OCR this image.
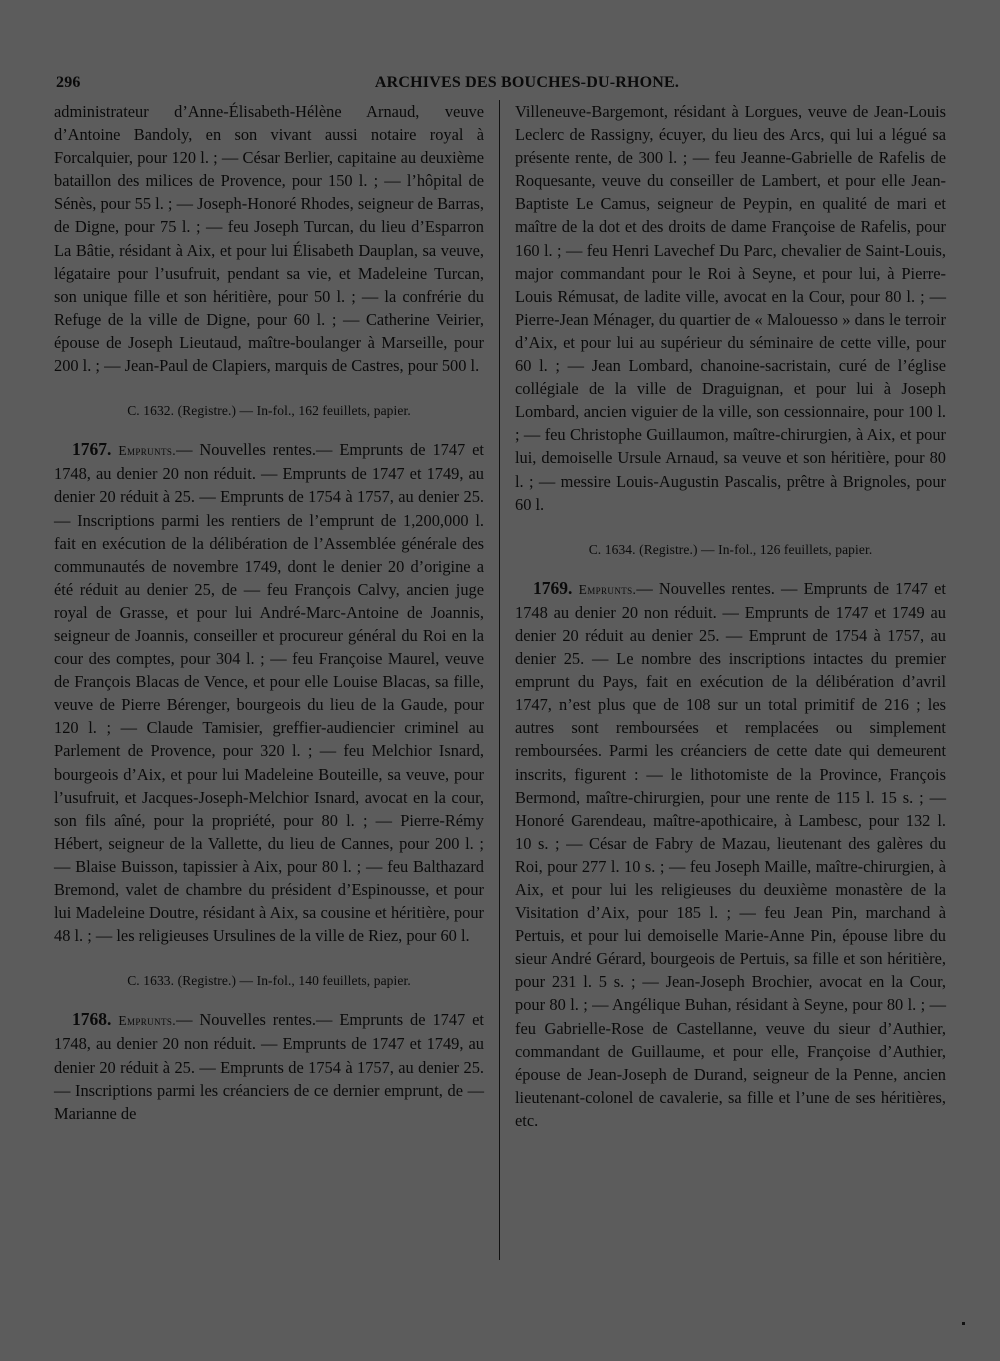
296	ARCHIVES DES BOUCHES-DU-RHONE.

administrateur d’Anne-Élisabeth-Hélène Arnaud, veuve d’Antoine Bandoly, en son vivant aussi notaire royal à Forcalquier, pour 120 l. ; — César Berlier, capitaine au deuxième bataillon des milices de Provence, pour 150 l. ; — l’hôpital de Sénès, pour 55 l. ; — Joseph-Honoré Rhodes, seigneur de Barras, de Digne, pour 75 l. ; — feu Joseph Turcan, du lieu d’Esparron La Bâtie, résidant à Aix, et pour lui Élisabeth Dauplan, sa veuve, légataire pour l’usufruit, pendant sa vie, et Madeleine Turcan, son unique fille et son héritière, pour 50 l. ; — la confrérie du Refuge de la ville de Digne, pour 60 l. ; — Catherine Veirier, épouse de Joseph Lieutaud, maître-boulanger à Marseille, pour 200 l. ; — Jean-Paul de Clapiers, marquis de Castres, pour 500 l.

C. 1632. (Registre.) — In-fol., 162 feuillets, papier.

1767. Emprunts.— Nouvelles rentes.— Emprunts de 1747 et 1748, au denier 20 non réduit. — Emprunts de 1747 et 1749, au denier 20 réduit à 25. — Emprunts de 1754 à 1757, au denier 25. — Inscriptions parmi les rentiers de l’emprunt de 1,200,000 l. fait en exécution de la délibération de l’Assemblée générale des communautés de novembre 1749, dont le denier 20 d’origine a été réduit au denier 25, de — feu François Calvy, ancien juge royal de Grasse, et pour lui André-Marc-Antoine de Joannis, seigneur de Joannis, conseiller et procureur général du Roi en la cour des comptes, pour 304 l. ; — feu Françoise Maurel, veuve de François Blacas de Vence, et pour elle Louise Blacas, sa fille, veuve de Pierre Bérenger, bourgeois du lieu de la Gaude, pour 120 l. ; — Claude Tamisier, greffier-audiencier criminel au Parlement de Provence, pour 320 l. ; — feu Melchior Isnard, bourgeois d’Aix, et pour lui Madeleine Bouteille, sa veuve, pour l’usufruit, et Jacques-Joseph-Melchior Isnard, avocat en la cour, son fils aîné, pour la propriété, pour 80 l. ; — Pierre-Rémy Hébert, seigneur de la Vallette, du lieu de Cannes, pour 200 l. ; — Blaise Buisson, tapissier à Aix, pour 80 l. ; — feu Balthazard Bremond, valet de chambre du président d’Espinousse, et pour lui Madeleine Doutre, résidant à Aix, sa cousine et héritière, pour 48 l. ; — les religieuses Ursulines de la ville de Riez, pour 60 l.

C. 1633. (Registre.) — In-fol., 140 feuillets, papier.

1768. Emprunts.— Nouvelles rentes.— Emprunts de 1747 et 1748, au denier 20 non réduit. — Emprunts de 1747 et 1749, au denier 20 réduit à 25. — Emprunts de 1754 à 1757, au denier 25. — Inscriptions parmi les créanciers de ce dernier emprunt, de — Marianne de

Villeneuve-Bargemont, résidant à Lorgues, veuve de Jean-Louis Leclerc de Rassigny, écuyer, du lieu des Arcs, qui lui a légué sa présente rente, de 300 l. ; — feu Jeanne-Gabrielle de Rafelis de Roquesante, veuve du conseiller de Lambert, et pour elle Jean-Baptiste Le Camus, seigneur de Peypin, en qualité de mari et maître de la dot et des droits de dame Françoise de Rafelis, pour 160 l. ; — feu Henri Lavechef Du Parc, chevalier de Saint-Louis, major commandant pour le Roi à Seyne, et pour lui, à Pierre-Louis Rémusat, de ladite ville, avocat en la Cour, pour 80 l. ; — Pierre-Jean Ménager, du quartier de « Malouesso » dans le terroir d’Aix, et pour lui au supérieur du séminaire de cette ville, pour 60 l. ; — Jean Lombard, chanoine-sacristain, curé de l’église collégiale de la ville de Draguignan, et pour lui à Joseph Lombard, ancien viguier de la ville, son cessionnaire, pour 100 l. ; — feu Christophe Guillaumon, maître-chirurgien, à Aix, et pour lui, demoiselle Ursule Arnaud, sa veuve et son héritière, pour 80 l. ; — messire Louis-Augustin Pascalis, prêtre à Brignoles, pour 60 l.

C. 1634. (Registre.) — In-fol., 126 feuillets, papier.

1769. Emprunts.— Nouvelles rentes. — Emprunts de 1747 et 1748 au denier 20 non réduit. — Emprunts de 1747 et 1749 au denier 20 réduit au denier 25. — Emprunt de 1754 à 1757, au denier 25. — Le nombre des inscriptions intactes du premier emprunt du Pays, fait en exécution de la délibération d’avril 1747, n’est plus que de 108 sur un total primitif de 216 ; les autres sont remboursées et remplacées ou simplement remboursées. Parmi les créanciers de cette date qui demeurent inscrits, figurent : — le lithotomiste de la Province, François Bermond, maître-chirurgien, pour une rente de 115 l. 15 s. ; — Honoré Garendeau, maître-apothicaire, à Lambesc, pour 132 l. 10 s. ; — César de Fabry de Mazau, lieutenant des galères du Roi, pour 277 l. 10 s. ; — feu Joseph Maille, maître-chirurgien, à Aix, et pour lui les religieuses du deuxième monastère de la Visitation d’Aix, pour 185 l. ; — feu Jean Pin, marchand à Pertuis, et pour lui demoiselle Marie-Anne Pin, épouse libre du sieur André Gérard, bourgeois de Pertuis, sa fille et son héritière, pour 231 l. 5 s. ; — Jean-Joseph Brochier, avocat en la Cour, pour 80 l. ; — Angélique Buhan, résidant à Seyne, pour 80 l. ; — feu Gabrielle-Rose de Castellanne, veuve du sieur d’Authier, commandant de Guillaume, et pour elle, Françoise d’Authier, épouse de Jean-Joseph de Durand, seigneur de la Penne, ancien lieutenant-colonel de cavalerie, sa fille et l’une de ses héritières, etc.
